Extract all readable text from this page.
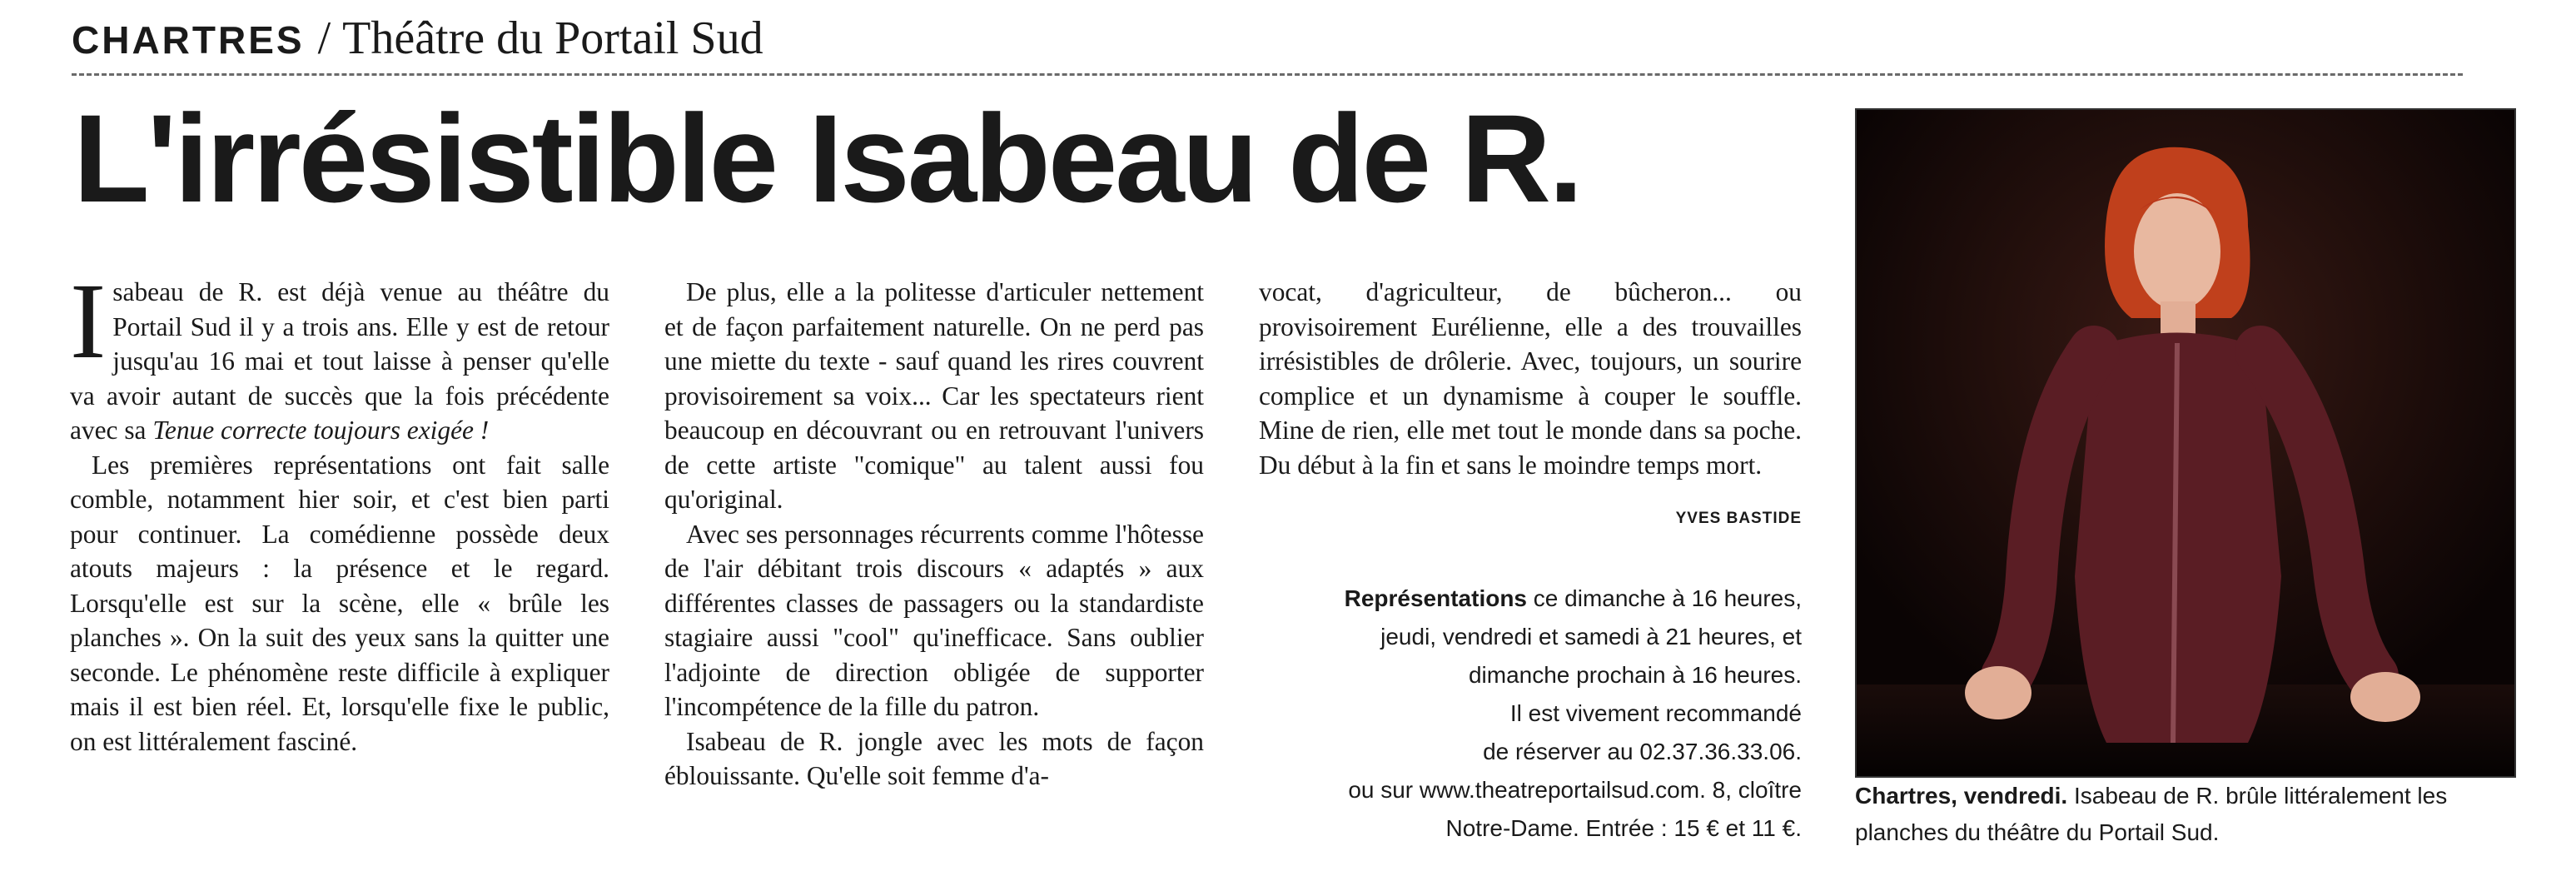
CHARTRES / Théâtre du Portail Sud
L'irrésistible Isabeau de R.

Isabeau de R. est déjà venue au théâtre du Portail Sud il y a trois ans. Elle y est de retour jusqu'au 16 mai et tout laisse à penser qu'elle va avoir autant de succès que la fois précédente avec sa Tenue correcte toujours exigée !

Les premières représentations ont fait salle comble, notamment hier soir, et c'est bien parti pour continuer. La comédienne possède deux atouts majeurs : la présence et le regard. Lorsqu'elle est sur la scène, elle « brûle les planches ». On la suit des yeux sans la quitter une seconde. Le phénomène reste difficile à expliquer mais il est bien réel. Et, lorsqu'elle fixe le public, on est littéralement fasciné.

De plus, elle a la politesse d'articuler nettement et de façon parfaitement naturelle. On ne perd pas une miette du texte - sauf quand les rires couvrent provisoirement sa voix... Car les spectateurs rient beaucoup en découvrant ou en retrouvant l'univers de cette artiste "comique" au talent aussi fou qu'original.

Avec ses personnages récurrents comme l'hôtesse de l'air débitant trois discours « adaptés » aux différentes classes de passagers ou la standardiste stagiaire aussi "cool" qu'inefficace. Sans oublier l'adjointe de direction obligée de supporter l'incompétence de la fille du patron.

Isabeau de R. jongle avec les mots de façon éblouissante. Qu'elle soit femme d'a-

vocat, d'agriculteur, de bûcheron... ou provisoirement Eurélienne, elle a des trouvailles irrésistibles de drôlerie. Avec, toujours, un sourire complice et un dynamisme à couper le souffle. Mine de rien, elle met tout le monde dans sa poche. Du début à la fin et sans le moindre temps mort.

YVES BASTIDE
Représentations ce dimanche à 16 heures,
jeudi, vendredi et samedi à 21 heures, et
dimanche prochain à 16 heures.
Il est vivement recommandé
de réserver au 02.37.36.33.06.
ou sur www.theatreportailsud.com. 8, cloître
Notre-Dame. Entrée : 15 € et 11 €.
Chartres, vendredi. Isabeau de R. brûle littéralement les planches du théâtre du Portail Sud.
